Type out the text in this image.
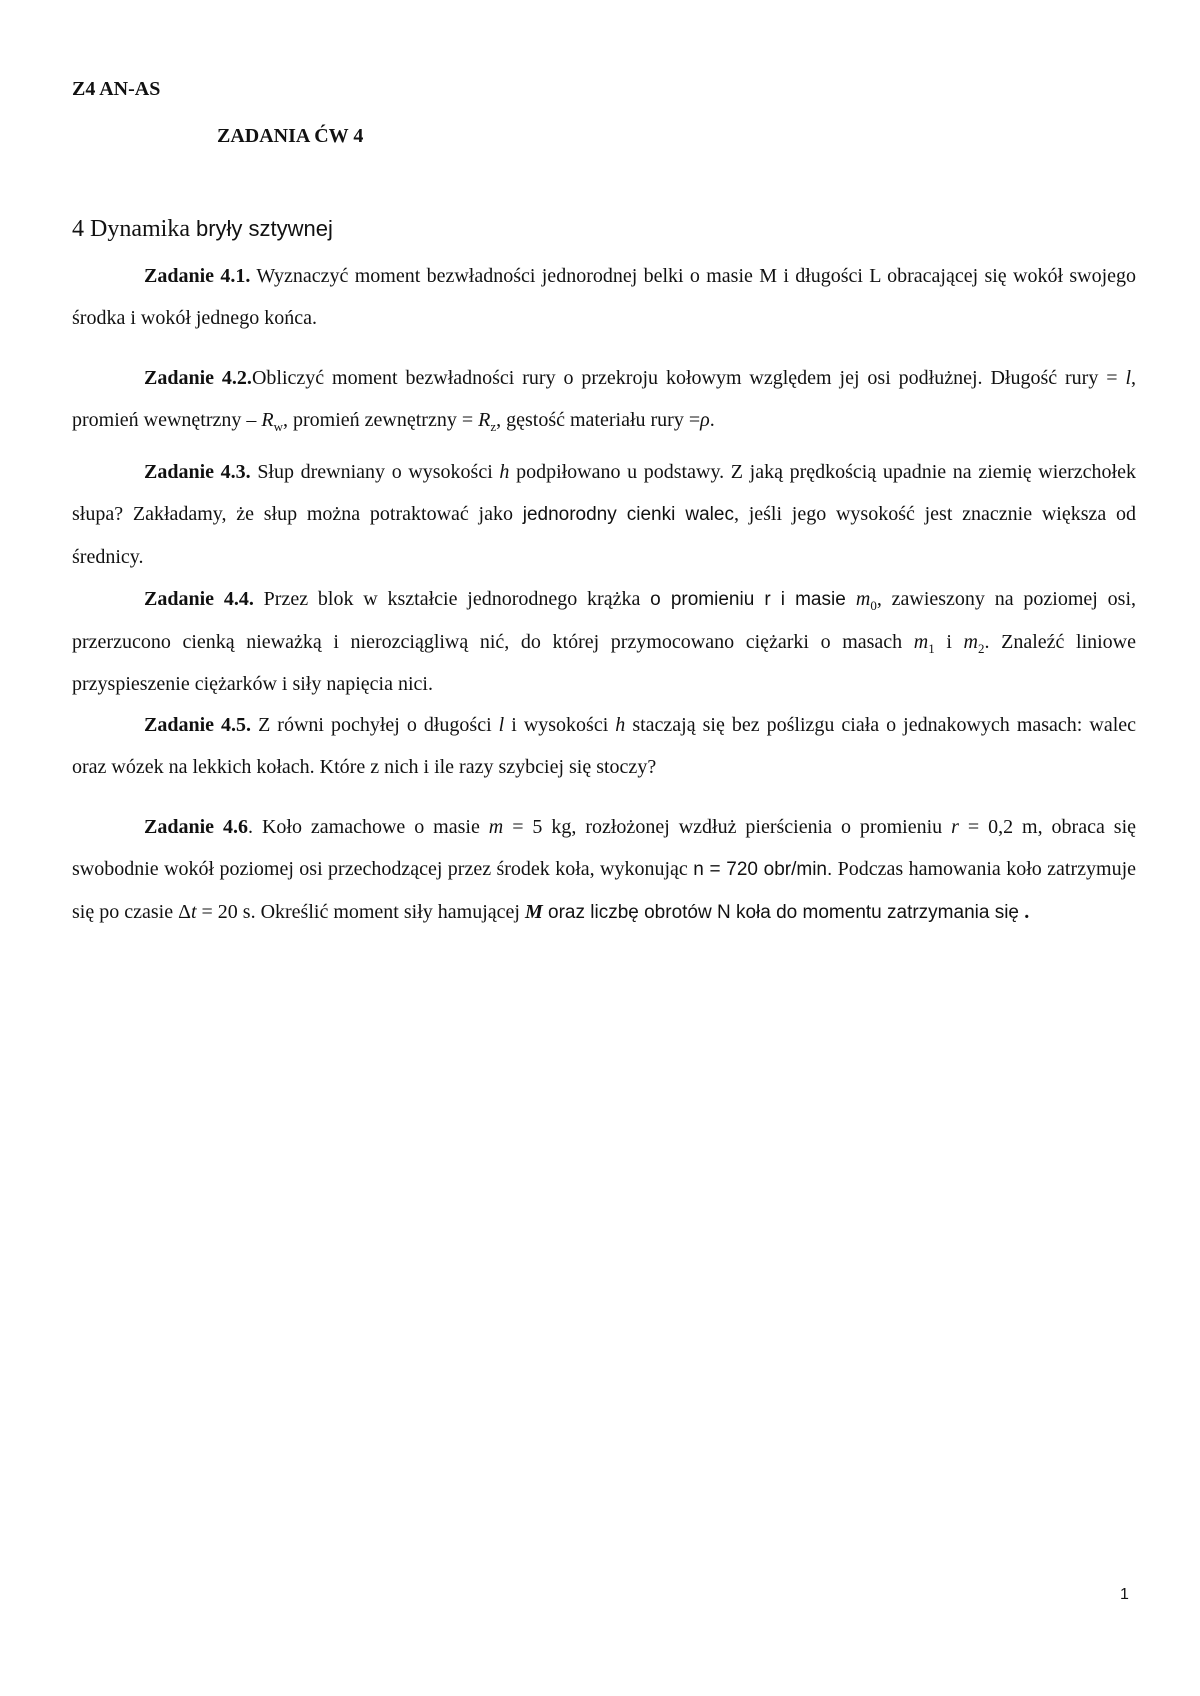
Z4 AN-AS
ZADANIA ĆW 4
4 Dynamika bryły sztywnej

Zadanie 4.1. Wyznaczyć moment bezwładności jednorodnej belki o masie M i długości L obracającej się wokół swojego środka i wokół jednego końca.

Zadanie 4.2.Obliczyć moment bezwładności rury o przekroju kołowym względem jej osi podłużnej. Długość rury = l, promień wewnętrzny – $R_w$, promień zewnętrzny = $R_z$, gęstość materiału rury =ρ.

Zadanie 4.3. Słup drewniany o wysokości h podpiłowano u podstawy. Z jaką prędkością upadnie na ziemię wierzchołek słupa? Zakładamy, że słup można potraktować jako jednorodny cienki walec, jeśli jego wysokość jest znacznie większa od średnicy.

Zadanie 4.4. Przez blok w kształcie jednorodnego krążka o promieniu r i masie $m_0$, zawieszony na poziomej osi, przerzucono cienką nieważką i nierozciągliwą nić, do której przymocowano ciężarki o masach $m_1$ i $m_2$. Znaleźć liniowe przyspieszenie ciężarków i siły napięcia nici.

Zadanie 4.5. Z równi pochyłej o długości l i wysokości h staczają się bez poślizgu ciała o jednakowych masach: walec oraz wózek na lekkich kołach. Które z nich i ile razy szybciej się stoczy?

Zadanie 4.6. Koło zamachowe o masie m = 5 kg, rozłożonej wzdłuż pierścienia o promieniu r = 0,2 m, obraca się swobodnie wokół poziomej osi przechodzącej przez środek koła, wykonując n = 720 obr/min. Podczas hamowania koło zatrzymuje się po czasie Δt = 20 s. Określić moment siły hamującej M oraz liczbę obrotów N koła do momentu zatrzymania się .

1
